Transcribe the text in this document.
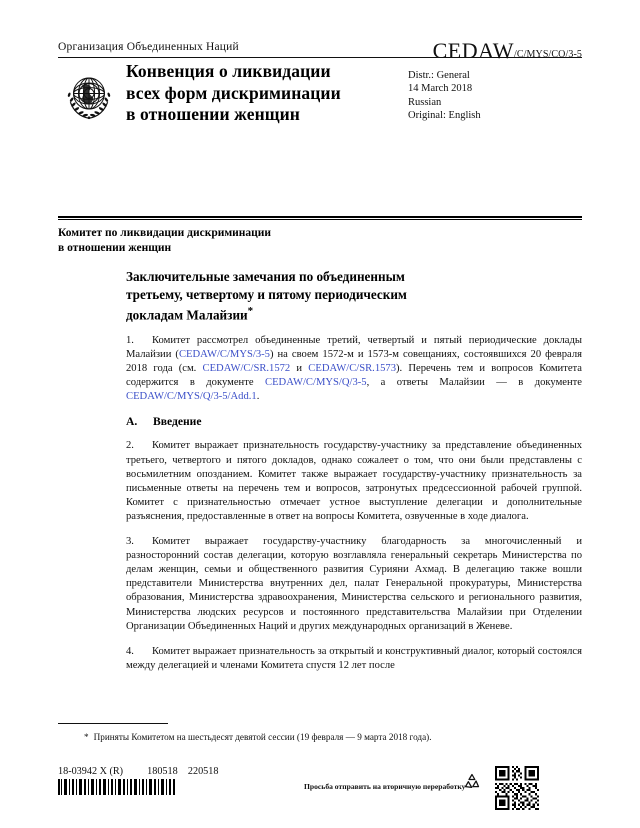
Организация Объединенных Наций	CEDAW/C/MYS/CO/3-5
Конвенция о ликвидации
всех форм дискриминации
в отношении женщин
Distr.: General
14 March 2018
Russian
Original: English
Комитет по ликвидации дискриминации
в отношении женщин
Заключительные замечания по объединенным
третьему, четвертому и пятому периодическим
докладам Малайзии*

1. Комитет рассмотрел объединенные третий, четвертый и пятый периодические доклады Малайзии (CEDAW/C/MYS/3-5) на своем 1572-м и 1573-м совещаниях, состоявшихся 20 февраля 2018 года (см. CEDAW/C/SR.1572 и CEDAW/C/SR.1573). Перечень тем и вопросов Комитета содержится в документе CEDAW/C/MYS/Q/3-5, а ответы Малайзии — в документе CEDAW/C/MYS/Q/3-5/Add.1.

A. Введение

2. Комитет выражает признательность государству-участнику за представление объединенных третьего, четвертого и пятого докладов, однако сожалеет о том, что они были представлены с восьмилетним опозданием. Комитет также выражает государству-участнику признательность за письменные ответы на перечень тем и вопросов, затронутых предсессионной рабочей группой. Комитет с признательностью отмечает устное выступление делегации и дополнительные разъяснения, предоставленные в ответ на вопросы Комитета, озвученные в ходе диалога.

3. Комитет выражает государству-участнику благодарность за многочисленный и разносторонний состав делегации, которую возглавляла генеральный секретарь Министерства по делам женщин, семьи и общественного развития Сурияни Ахмад. В делегацию также вошли представители Министерства внутренних дел, палат Генеральной прокуратуры, Министерства образования, Министерства здравоохранения, Министерства сельского и регионального развития, Министерства людских ресурсов и постоянного представительства Малайзии при Отделении Организации Объединенных Наций и других международных организаций в Женеве.

4. Комитет выражает признательность за открытый и конструктивный диалог, который состоялся между делегацией и членами Комитета спустя 12 лет после

* Приняты Комитетом на шестьдесят девятой сессии (19 февраля — 9 марта 2018 года).
18-03942 X (R)	180518 220518
Просьба отправить на вторичную переработку
